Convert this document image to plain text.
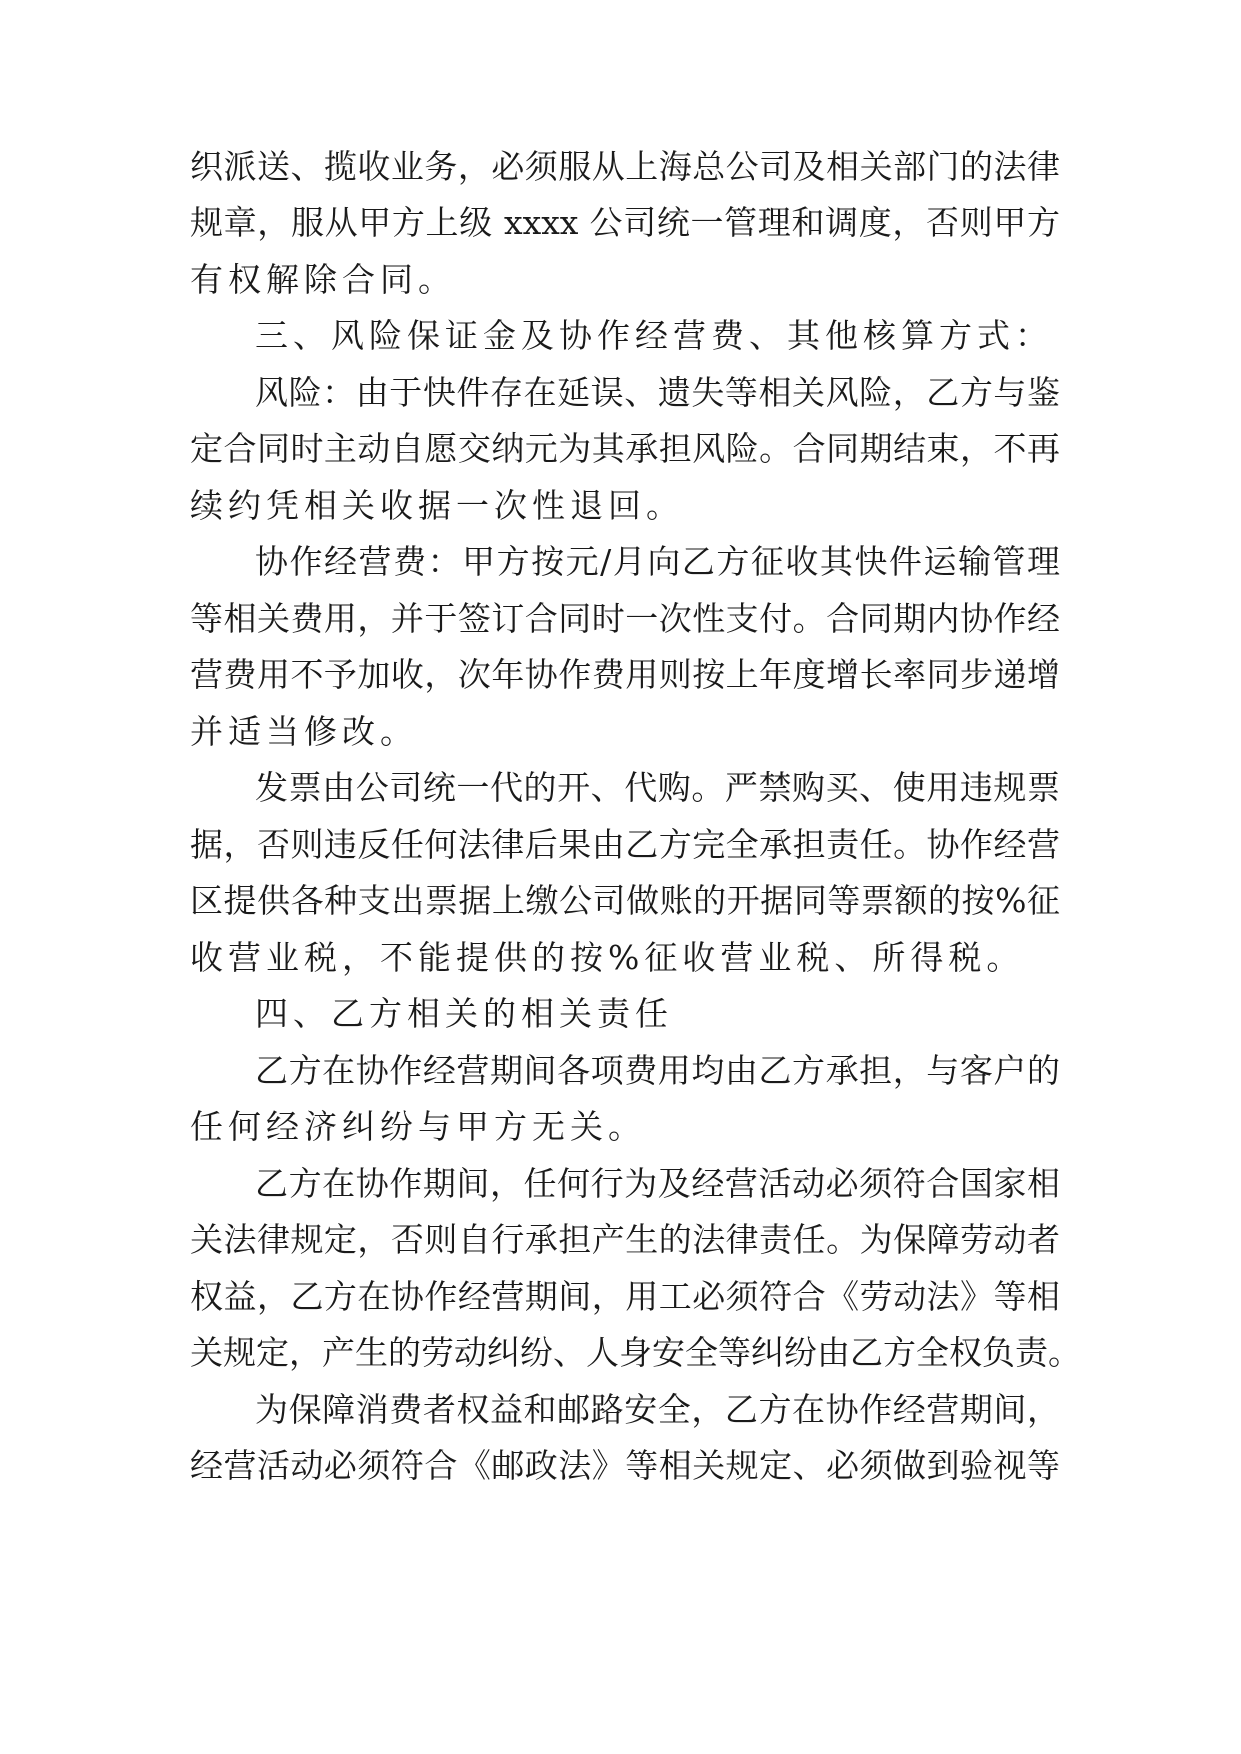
织派送、揽收业务，必须服从上海总公司及相关部门的法律
规章，服从甲方上级 xxxx 公司统一管理和调度，否则甲方
有权解除合同。
三、风险保证金及协作经营费、其他核算方式：
风险：由于快件存在延误、遗失等相关风险，乙方与鉴
定合同时主动自愿交纳元为其承担风险。合同期结束，不再
续约凭相关收据一次性退回。
协作经营费：甲方按元/月向乙方征收其快件运输管理
等相关费用，并于签订合同时一次性支付。合同期内协作经
营费用不予加收，次年协作费用则按上年度增长率同步递增
并适当修改。
发票由公司统一代的开、代购。严禁购买、使用违规票
据，否则违反任何法律后果由乙方完全承担责任。协作经营
区提供各种支出票据上缴公司做账的开据同等票额的按%征
收营业税，不能提供的按%征收营业税、所得税。
四、乙方相关的相关责任
乙方在协作经营期间各项费用均由乙方承担，与客户的
任何经济纠纷与甲方无关。
乙方在协作期间，任何行为及经营活动必须符合国家相
关法律规定，否则自行承担产生的法律责任。为保障劳动者
权益，乙方在协作经营期间，用工必须符合《劳动法》等相
关规定，产生的劳动纠纷、人身安全等纠纷由乙方全权负责。
为保障消费者权益和邮路安全，乙方在协作经营期间，
经营活动必须符合《邮政法》等相关规定、必须做到验视等
